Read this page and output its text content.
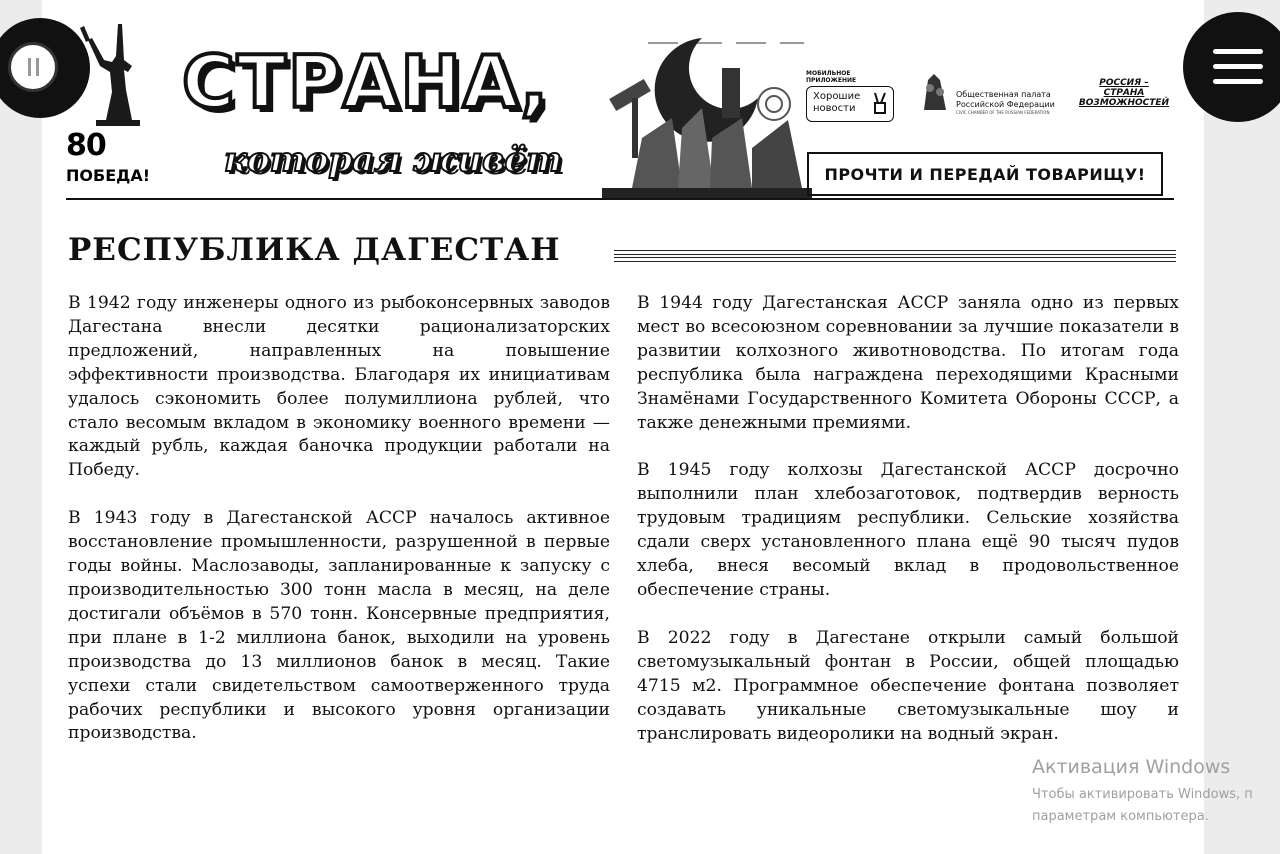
80
ПОБЕДА!
СТРАНА,
которая живёт
МОБИЛЬНОЕ ПРИЛОЖЕНИЕ
Хорошие новости
Общественная палата Российской Федерации
CIVIC CHAMBER OF THE RUSSIAN FEDERATION
РОССИЯ –
СТРАНА
ВОЗМОЖНОСТЕЙ
ПРОЧТИ И ПЕРЕДАЙ ТОВАРИЩУ!
РЕСПУБЛИКА ДАГЕСТАН

В 1942 году инженеры одного из рыбоконсервных заводов Дагестана внесли десятки рационализаторских предложений, направленных на повышение эффективности производства. Благодаря их инициативам удалось сэкономить более полумиллиона рублей, что стало весомым вкладом в экономику военного времени — каждый рубль, каждая баночка продукции работали на Победу.

В 1943 году в Дагестанской АССР началось активное восстановление промышленности, разрушенной в первые годы войны. Маслозаводы, запланированные к запуску с производительностью 300 тонн масла в месяц, на деле достигали объёмов в 570 тонн. Консервные предприятия, при плане в 1-2 миллиона банок, выходили на уровень производства до 13 миллионов банок в месяц. Такие успехи стали свидетельством самоотверженного труда рабочих республики и высокого уровня организации производства.

В 1944 году Дагестанская АССР заняла одно из первых мест во всесоюзном соревновании за лучшие показатели в развитии колхозного животноводства. По итогам года республика была награждена переходящими Красными Знамёнами Государственного Комитета Обороны СССР, а также денежными премиями.

В 1945 году колхозы Дагестанской АССР досрочно выполнили план хлебозаготовок, подтвердив верность трудовым традициям республики. Сельские хозяйства сдали сверх установленного плана ещё 90 тысяч пудов хлеба, внеся весомый вклад в продовольственное обеспечение страны.

В 2022 году в Дагестане открыли самый большой светомузыкальный фонтан в России, общей площадью 4715 м2. Программное обеспечение фонтана позволяет создавать уникальные светомузыкальные шоу и транслировать видеоролики на водный экран.

Активация Windows
Чтобы активировать Windows, п
параметрам компьютера.
